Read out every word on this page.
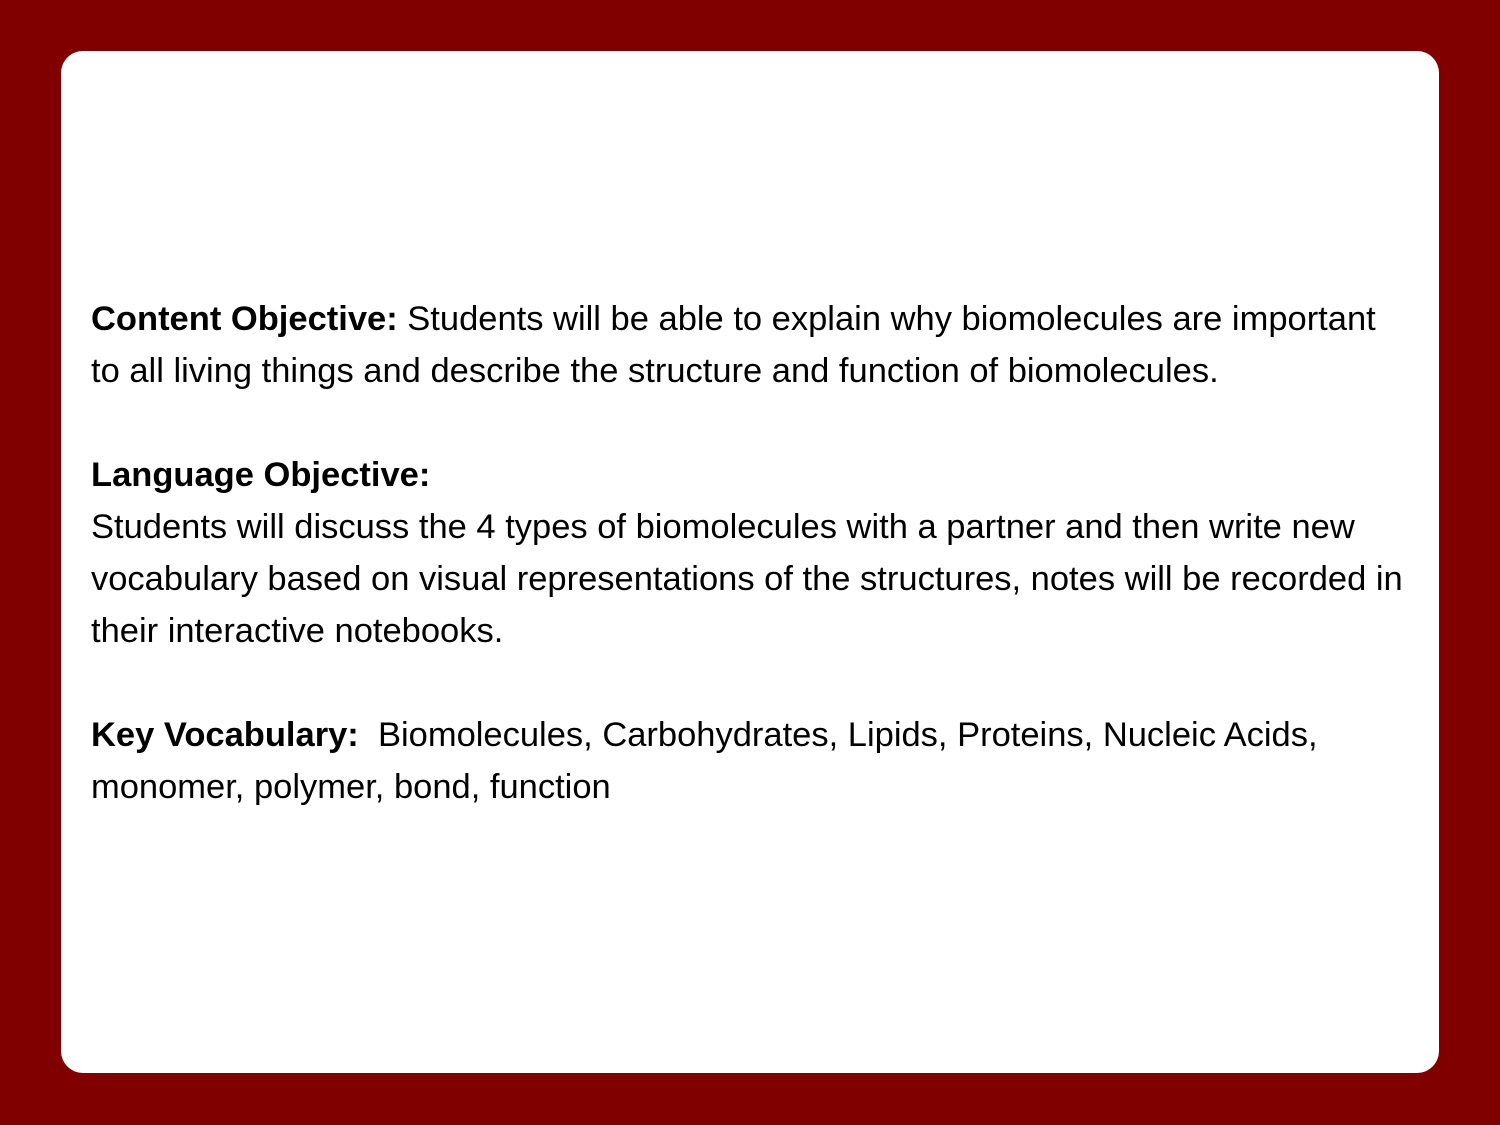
Content Objective: Students will be able to explain why biomolecules are important to all living things and describe the structure and function of biomolecules.

Language Objective:
Students will discuss the 4 types of biomolecules with a partner and then write new vocabulary based on visual representations of the structures, notes will be recorded in their interactive notebooks.

Key Vocabulary:  Biomolecules, Carbohydrates, Lipids, Proteins, Nucleic Acids, monomer, polymer, bond, function
